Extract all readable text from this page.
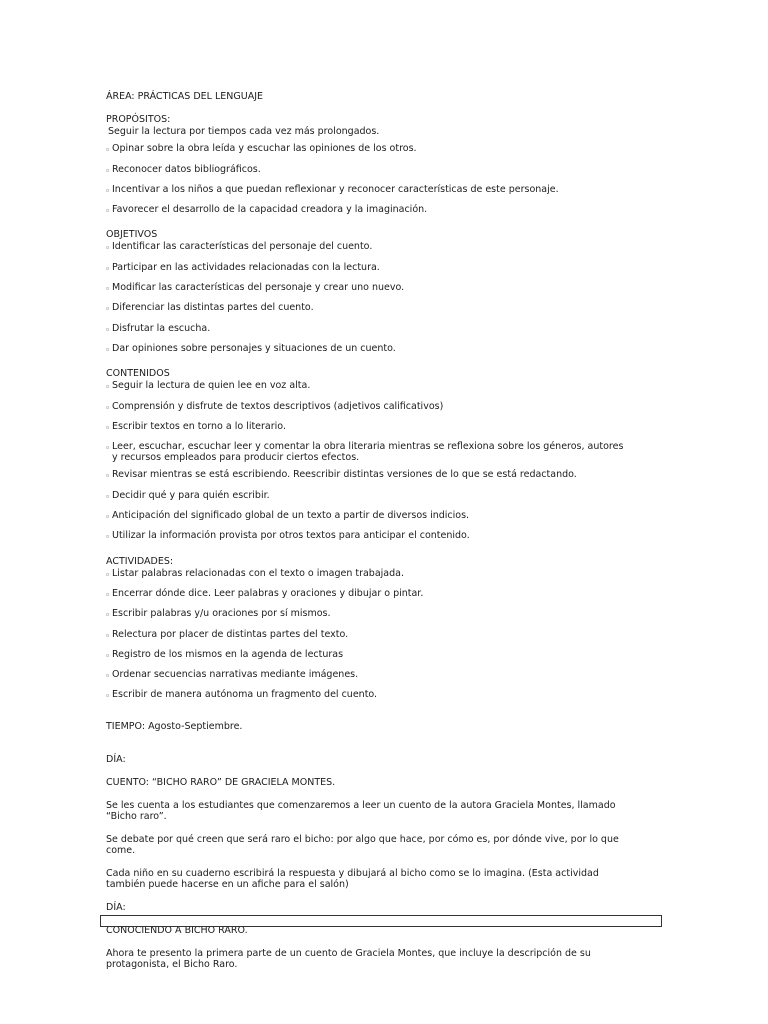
ÁREA: PRÁCTICAS DEL LENGUAJE
PROPÓSITOS:
Seguir la lectura por tiempos cada vez más prolongados.
o Opinar sobre la obra leída y escuchar las opiniones de los otros.
o Reconocer datos bibliográficos.
o Incentivar a los niños a que puedan reflexionar y reconocer características de este personaje.
o Favorecer el desarrollo de la capacidad creadora y la imaginación.
OBJETIVOS
o Identificar las características del personaje del cuento.
o Participar en las actividades relacionadas con la lectura.
o Modificar las características del personaje y crear uno nuevo.
o Diferenciar las distintas partes del cuento.
o Disfrutar la escucha.
o Dar opiniones sobre personajes y situaciones de un cuento.
CONTENIDOS
o Seguir la lectura de quien lee en voz alta.
o Comprensión y disfrute de textos descriptivos (adjetivos calificativos)
o Escribir textos en torno a lo literario.
o Leer, escuchar, escuchar leer y comentar la obra literaria mientras se reflexiona sobre los géneros, autores y recursos empleados para producir ciertos efectos.
o Revisar mientras se está escribiendo. Reescribir distintas versiones de lo que se está redactando.
o Decidir qué y para quién escribir.
o Anticipación del significado global de un texto a partir de diversos indicios.
o Utilizar la información provista por otros textos para anticipar el contenido.
ACTIVIDADES:
o Listar palabras relacionadas con el texto o imagen trabajada.
o Encerrar dónde dice. Leer palabras y oraciones y dibujar o pintar.
o Escribir palabras y/u oraciones por sí mismos.
o Relectura por placer de distintas partes del texto.
o Registro de los mismos en la agenda de lecturas
o Ordenar secuencias narrativas mediante imágenes.
o Escribir de manera autónoma un fragmento del cuento.
TIEMPO: Agosto-Septiembre.
DÍA:
CUENTO: “BICHO RARO” DE GRACIELA MONTES.
Se les cuenta a los estudiantes que comenzaremos a leer un cuento de la autora Graciela Montes, llamado “Bicho raro”.
Se debate por qué creen que será raro el bicho: por algo que hace, por cómo es, por dónde vive, por lo que come.
Cada niño en su cuaderno escribirá la respuesta y dibujará al bicho como se lo imagina. (Esta actividad también puede hacerse en un afiche para el salón)
DÍA:
CONOCIENDO A BICHO RARO.
Ahora te presento la primera parte de un cuento de Graciela Montes, que incluye la descripción de su protagonista, el Bicho Raro.
